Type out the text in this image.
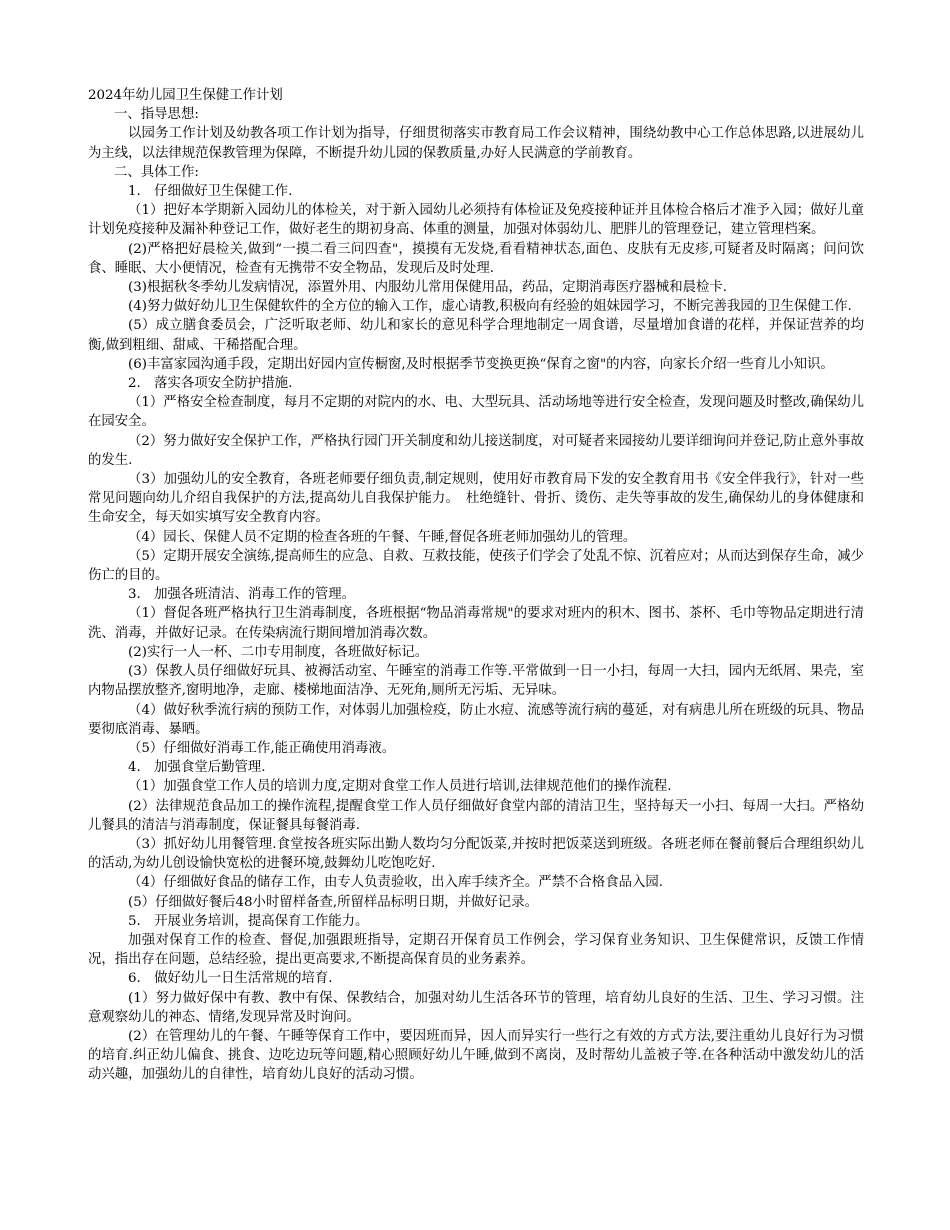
2024年幼儿园卫生保健工作计划

一、指导思想:

以园务工作计划及幼教各项工作计划为指导，仔细贯彻落实市教育局工作会议精神，围绕幼教中心工作总体思路,以进展幼儿为主线，以法律规范保教管理为保障，不断提升幼儿园的保教质量,办好人民满意的学前教育。

二、具体工作:

1.　仔细做好卫生保健工作.

（1）把好本学期新入园幼儿的体检关，对于新入园幼儿必须持有体检证及免疫接种证并且体检合格后才准予入园；做好儿童计划免疫接种及漏补种登记工作，做好老生的期初身高、体重的测量，加强对体弱幼儿、肥胖儿的管理登记，建立管理档案。

(2)严格把好晨检关,做到“一摸二看三问四查"，摸摸有无发烧,看看精神状态,面色、皮肤有无皮疹,可疑者及时隔离；问问饮食、睡眠、大小便情况，检查有无携带不安全物品，发现后及时处理.

(3)根据秋冬季幼儿发病情况，添置外用、内服幼儿常用保健用品，药品，定期消毒医疗器械和晨检卡.

(4)努力做好幼儿卫生保健软件的全方位的输入工作，虚心请教,积极向有经验的姐妹园学习，不断完善我园的卫生保健工作.

(5）成立膳食委员会，广泛听取老师、幼儿和家长的意见科学合理地制定一周食谱，尽量增加食谱的花样，并保证营养的均衡,做到粗细、甜咸、干稀搭配合理。

(6)丰富家园沟通手段，定期出好园内宣传橱窗,及时根据季节变换更换“保育之窗"的内容，向家长介绍一些育儿小知识。

2.　落实各项安全防护措施.

（1）严格安全检查制度，每月不定期的对院内的水、电、大型玩具、活动场地等进行安全检查，发现问题及时整改,确保幼儿在园安全。

（2）努力做好安全保护工作，严格执行园门开关制度和幼儿接送制度，对可疑者来园接幼儿要详细询问并登记,防止意外事故的发生.

（3）加强幼儿的安全教育，各班老师要仔细负责,制定规则，使用好市教育局下发的安全教育用书《安全伴我行》，针对一些常见问题向幼儿介绍自我保护的方法,提高幼儿自我保护能力。　杜绝缝针、骨折、烫伤、走失等事故的发生,确保幼儿的身体健康和生命安全，每天如实填写安全教育内容。

（4）园长、保健人员不定期的检查各班的午餐、午睡,督促各班老师加强幼儿的管理。

（5）定期开展安全演练,提高师生的应急、自救、互救技能，使孩子们学会了处乱不惊、沉着应对；从而达到保存生命，减少伤亡的目的。

3.　加强各班清洁、消毒工作的管理。

（1）督促各班严格执行卫生消毒制度，各班根据“物品消毒常规"的要求对班内的积木、图书、茶杯、毛巾等物品定期进行清洗、消毒，并做好记录。在传染病流行期间增加消毒次数。

(2)实行一人一杯、二巾专用制度，各班做好标记。

(3）保教人员仔细做好玩具、被褥活动室、午睡室的消毒工作等.平常做到一日一小扫，每周一大扫，园内无纸屑、果壳，室内物品摆放整齐,窗明地净，走廊、楼梯地面洁净、无死角,厕所无污垢、无异味。

（4）做好秋季流行病的预防工作，对体弱儿加强检疫，防止水痘、流感等流行病的蔓延，对有病患儿所在班级的玩具、物品要彻底消毒、暴晒。

（5）仔细做好消毒工作,能正确使用消毒液。

4.　加强食堂后勤管理.

（1）加强食堂工作人员的培训力度,定期对食堂工作人员进行培训,法律规范他们的操作流程.

(2）法律规范食品加工的操作流程,提醒食堂工作人员仔细做好食堂内部的清洁卫生，坚持每天一小扫、每周一大扫。严格幼儿餐具的清洁与消毒制度，保证餐具每餐消毒.

（3）抓好幼儿用餐管理.食堂按各班实际出勤人数均匀分配饭菜,并按时把饭菜送到班级。各班老师在餐前餐后合理组织幼儿的活动,为幼儿创设愉快宽松的进餐环境,鼓舞幼儿吃饱吃好.

（4）仔细做好食品的储存工作，由专人负责验收，出入库手续齐全。严禁不合格食品入园.

(5）仔细做好餐后48小时留样备查,所留样品标明日期，并做好记录。

5.　开展业务培训，提高保育工作能力。

加强对保育工作的检查、督促,加强跟班指导，定期召开保育员工作例会，学习保育业务知识、卫生保健常识，反馈工作情况，指出存在问题，总结经验，提出更高要求,不断提高保育员的业务素养。

6.　做好幼儿一日生活常规的培育.

(1）努力做好保中有教、教中有保、保教结合，加强对幼儿生活各环节的管理，培育幼儿良好的生活、卫生、学习习惯。注意观察幼儿的神态、情绪,发现异常及时询问。

(2）在管理幼儿的午餐、午睡等保育工作中，要因班而异，因人而异实行一些行之有效的方式方法,要注重幼儿良好行为习惯的培育.纠正幼儿偏食、挑食、边吃边玩等问题,精心照顾好幼儿午睡,做到不离岗，及时帮幼儿盖被子等.在各种活动中激发幼儿的活动兴趣，加强幼儿的自律性，培育幼儿良好的活动习惯。
